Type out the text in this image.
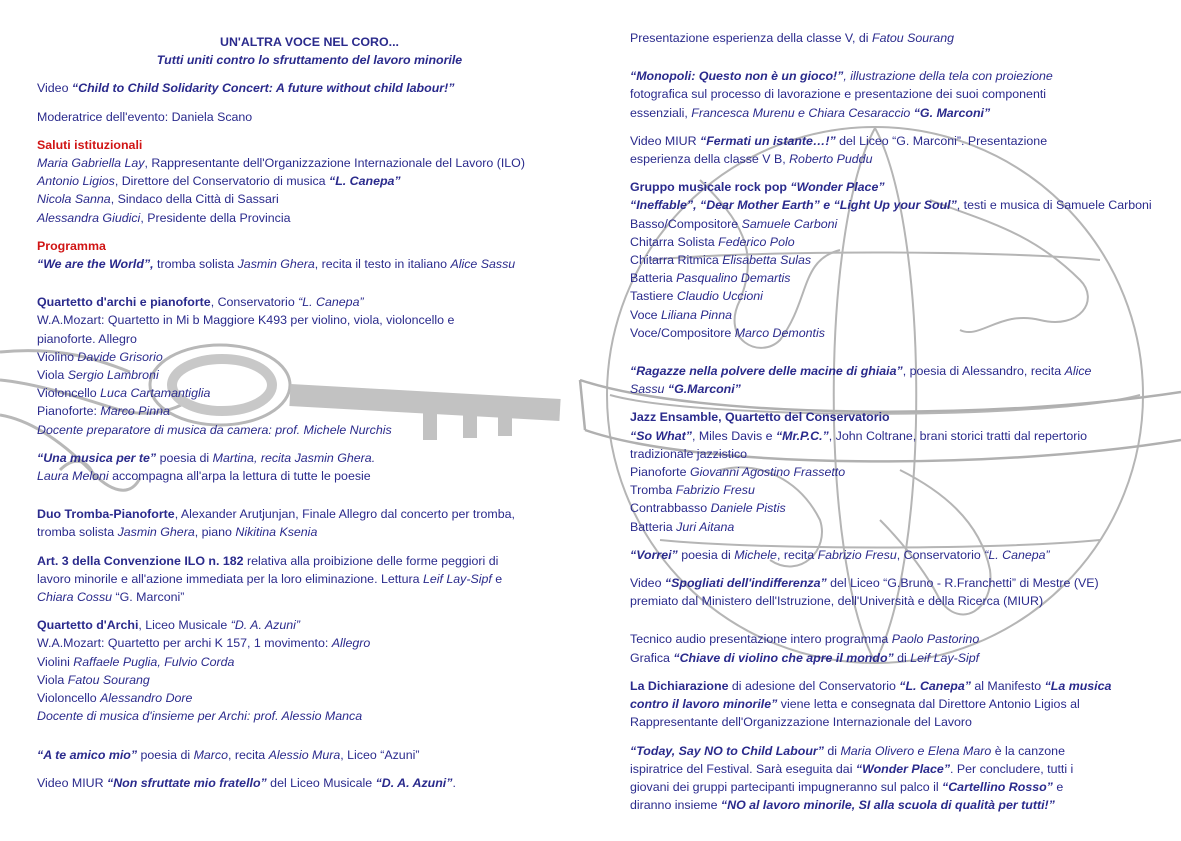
UN'ALTRA VOCE NEL CORO...

Tutti uniti contro lo sfruttamento del lavoro minorile

Video “Child to Child Solidarity Concert: A future without child labour!”

Moderatrice dell'evento: Daniela Scano

Saluti istituzionali

Maria Gabriella Lay, Rappresentante dell'Organizzazione Internazionale del Lavoro (ILO)

Antonio Ligios, Direttore del Conservatorio di musica “L. Canepa”

Nicola Sanna, Sindaco della Città di Sassari

Alessandra Giudici, Presidente della Provincia

Programma

“We are the World”, tromba solista Jasmin Ghera, recita il testo in italiano Alice Sassu

Quartetto d'archi e pianoforte, Conservatorio “L. Canepa”

W.A.Mozart: Quartetto in Mi b Maggiore K493 per violino, viola, violoncello e

pianoforte. Allegro

Violino Davide Grisorio

Viola Sergio Lambroni

Violoncello Luca Cartamantiglia

Pianoforte: Marco Pinna

Docente preparatore di musica da camera: prof. Michele Nurchis

“Una musica per te” poesia di Martina, recita Jasmin Ghera.

Laura Meloni accompagna all'arpa la lettura di tutte le poesie

Duo Tromba-Pianoforte, Alexander Arutjunjan, Finale Allegro dal concerto per tromba,

tromba solista Jasmin Ghera, piano Nikitina Ksenia

Art. 3 della Convenzione ILO n. 182 relativa alla proibizione delle forme peggiori di

lavoro minorile e all'azione immediata per la loro eliminazione. Lettura Leif Lay-Sipf e

Chiara Cossu “G. Marconi”

Quartetto d'Archi, Liceo Musicale “D. A. Azuni”

W.A.Mozart: Quartetto per archi K 157, 1 movimento: Allegro

Violini Raffaele Puglia, Fulvio Corda

Viola Fatou Sourang

Violoncello Alessandro Dore

Docente di musica d'insieme per Archi: prof. Alessio Manca

“A te amico mio” poesia di Marco, recita Alessio Mura, Liceo “Azuni”

Video MIUR “Non sfruttate mio fratello” del Liceo Musicale “D. A. Azuni”.

Presentazione esperienza della classe V, di Fatou Sourang

“Monopoli: Questo non è un gioco!”, illustrazione della tela con proiezione

fotografica sul processo di lavorazione e presentazione dei suoi componenti

essenziali, Francesca Murenu e Chiara Cesaraccio “G. Marconi”

Video MIUR “Fermati un istante…!” del Liceo “G. Marconi”. Presentazione

esperienza della classe V B, Roberto Puddu

Gruppo musicale rock pop “Wonder Place”

“Ineffable”, “Dear Mother Earth” e “Light Up your Soul”, testi e musica di Samuele Carboni

Basso/Compositore Samuele Carboni

Chitarra Solista Federico Polo

Chitarra Ritmica Elisabetta Sulas

Batteria Pasqualino Demartis

Tastiere Claudio Uccioni

Voce Liliana Pinna

Voce/Compositore Marco Demontis

“Ragazze nella polvere delle macine di ghiaia”, poesia di Alessandro, recita Alice

Sassu “G.Marconi”

Jazz Ensamble, Quartetto del Conservatorio

“So What”, Miles Davis e “Mr.P.C.”, John Coltrane, brani storici tratti dal repertorio

tradizionale jazzistico

Pianoforte Giovanni Agostino Frassetto

Tromba Fabrizio Fresu

Contrabbasso Daniele Pistis

Batteria Juri Aitana

“Vorrei” poesia di Michele, recita Fabrizio Fresu, Conservatorio “L. Canepa”

Video “Spogliati dell'indifferenza” del Liceo “G.Bruno - R.Franchetti” di Mestre (VE)

premiato dal Ministero dell'Istruzione, dell'Università e della Ricerca (MIUR)

Tecnico audio presentazione intero programma Paolo Pastorino

Grafica “Chiave di violino che apre il mondo” di Leif Lay-Sipf

La Dichiarazione di adesione del Conservatorio “L. Canepa” al Manifesto “La musica

contro il lavoro minorile” viene letta e consegnata dal Direttore Antonio Ligios al

Rappresentante dell'Organizzazione Internazionale del Lavoro

“Today, Say NO to Child Labour” di Maria Olivero e Elena Maro è la canzone

ispiratrice del Festival. Sarà eseguita dai “Wonder Place”. Per concludere, tutti i

giovani dei gruppi partecipanti impugneranno sul palco il “Cartellino Rosso” e

diranno insieme “NO al lavoro minorile, SI alla scuola di qualità per tutti!”
